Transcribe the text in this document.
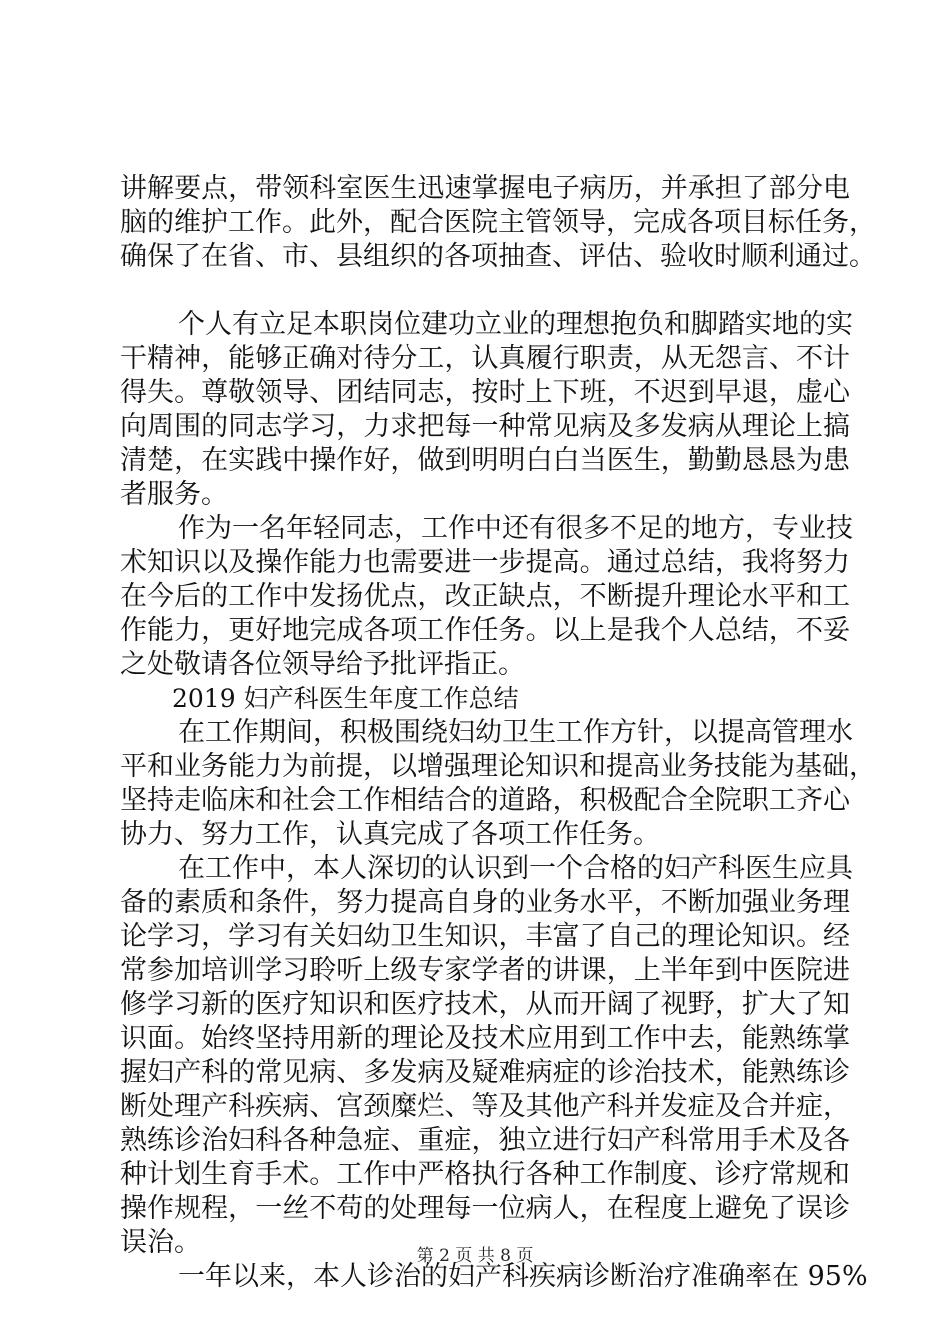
讲解要点，带领科室医生迅速掌握电子病历，并承担了部分电
脑的维护工作。此外，配合医院主管领导，完成各项目标任务，
确保了在省、市、县组织的各项抽查、评估、验收时顺利通过。
个人有立足本职岗位建功立业的理想抱负和脚踏实地的实
干精神，能够正确对待分工，认真履行职责，从无怨言、不计
得失。尊敬领导、团结同志，按时上下班，不迟到早退，虚心
向周围的同志学习，力求把每一种常见病及多发病从理论上搞
清楚，在实践中操作好，做到明明白白当医生，勤勤恳恳为患
者服务。
作为一名年轻同志，工作中还有很多不足的地方，专业技
术知识以及操作能力也需要进一步提高。通过总结，我将努力
在今后的工作中发扬优点，改正缺点，不断提升理论水平和工
作能力，更好地完成各项工作任务。以上是我个人总结，不妥
之处敬请各位领导给予批评指正。
2019 妇产科医生年度工作总结
在工作期间，积极围绕妇幼卫生工作方针，以提高管理水
平和业务能力为前提，以增强理论知识和提高业务技能为基础，
坚持走临床和社会工作相结合的道路，积极配合全院职工齐心
协力、努力工作，认真完成了各项工作任务。
在工作中，本人深切的认识到一个合格的妇产科医生应具
备的素质和条件，努力提高自身的业务水平，不断加强业务理
论学习，学习有关妇幼卫生知识，丰富了自己的理论知识。经
常参加培训学习聆听上级专家学者的讲课，上半年到中医院进
修学习新的医疗知识和医疗技术，从而开阔了视野，扩大了知
识面。始终坚持用新的理论及技术应用到工作中去，能熟练掌
握妇产科的常见病、多发病及疑难病症的诊治技术，能熟练诊
断处理产科疾病、宫颈糜烂、等及其他产科并发症及合并症，
熟练诊治妇科各种急症、重症，独立进行妇产科常用手术及各
种计划生育手术。工作中严格执行各种工作制度、诊疗常规和
操作规程，一丝不苟的处理每一位病人，在程度上避免了误诊
误治。
一年以来，本人诊治的妇产科疾病诊断治疗准确率在 95%
第 2 页 共 8 页
